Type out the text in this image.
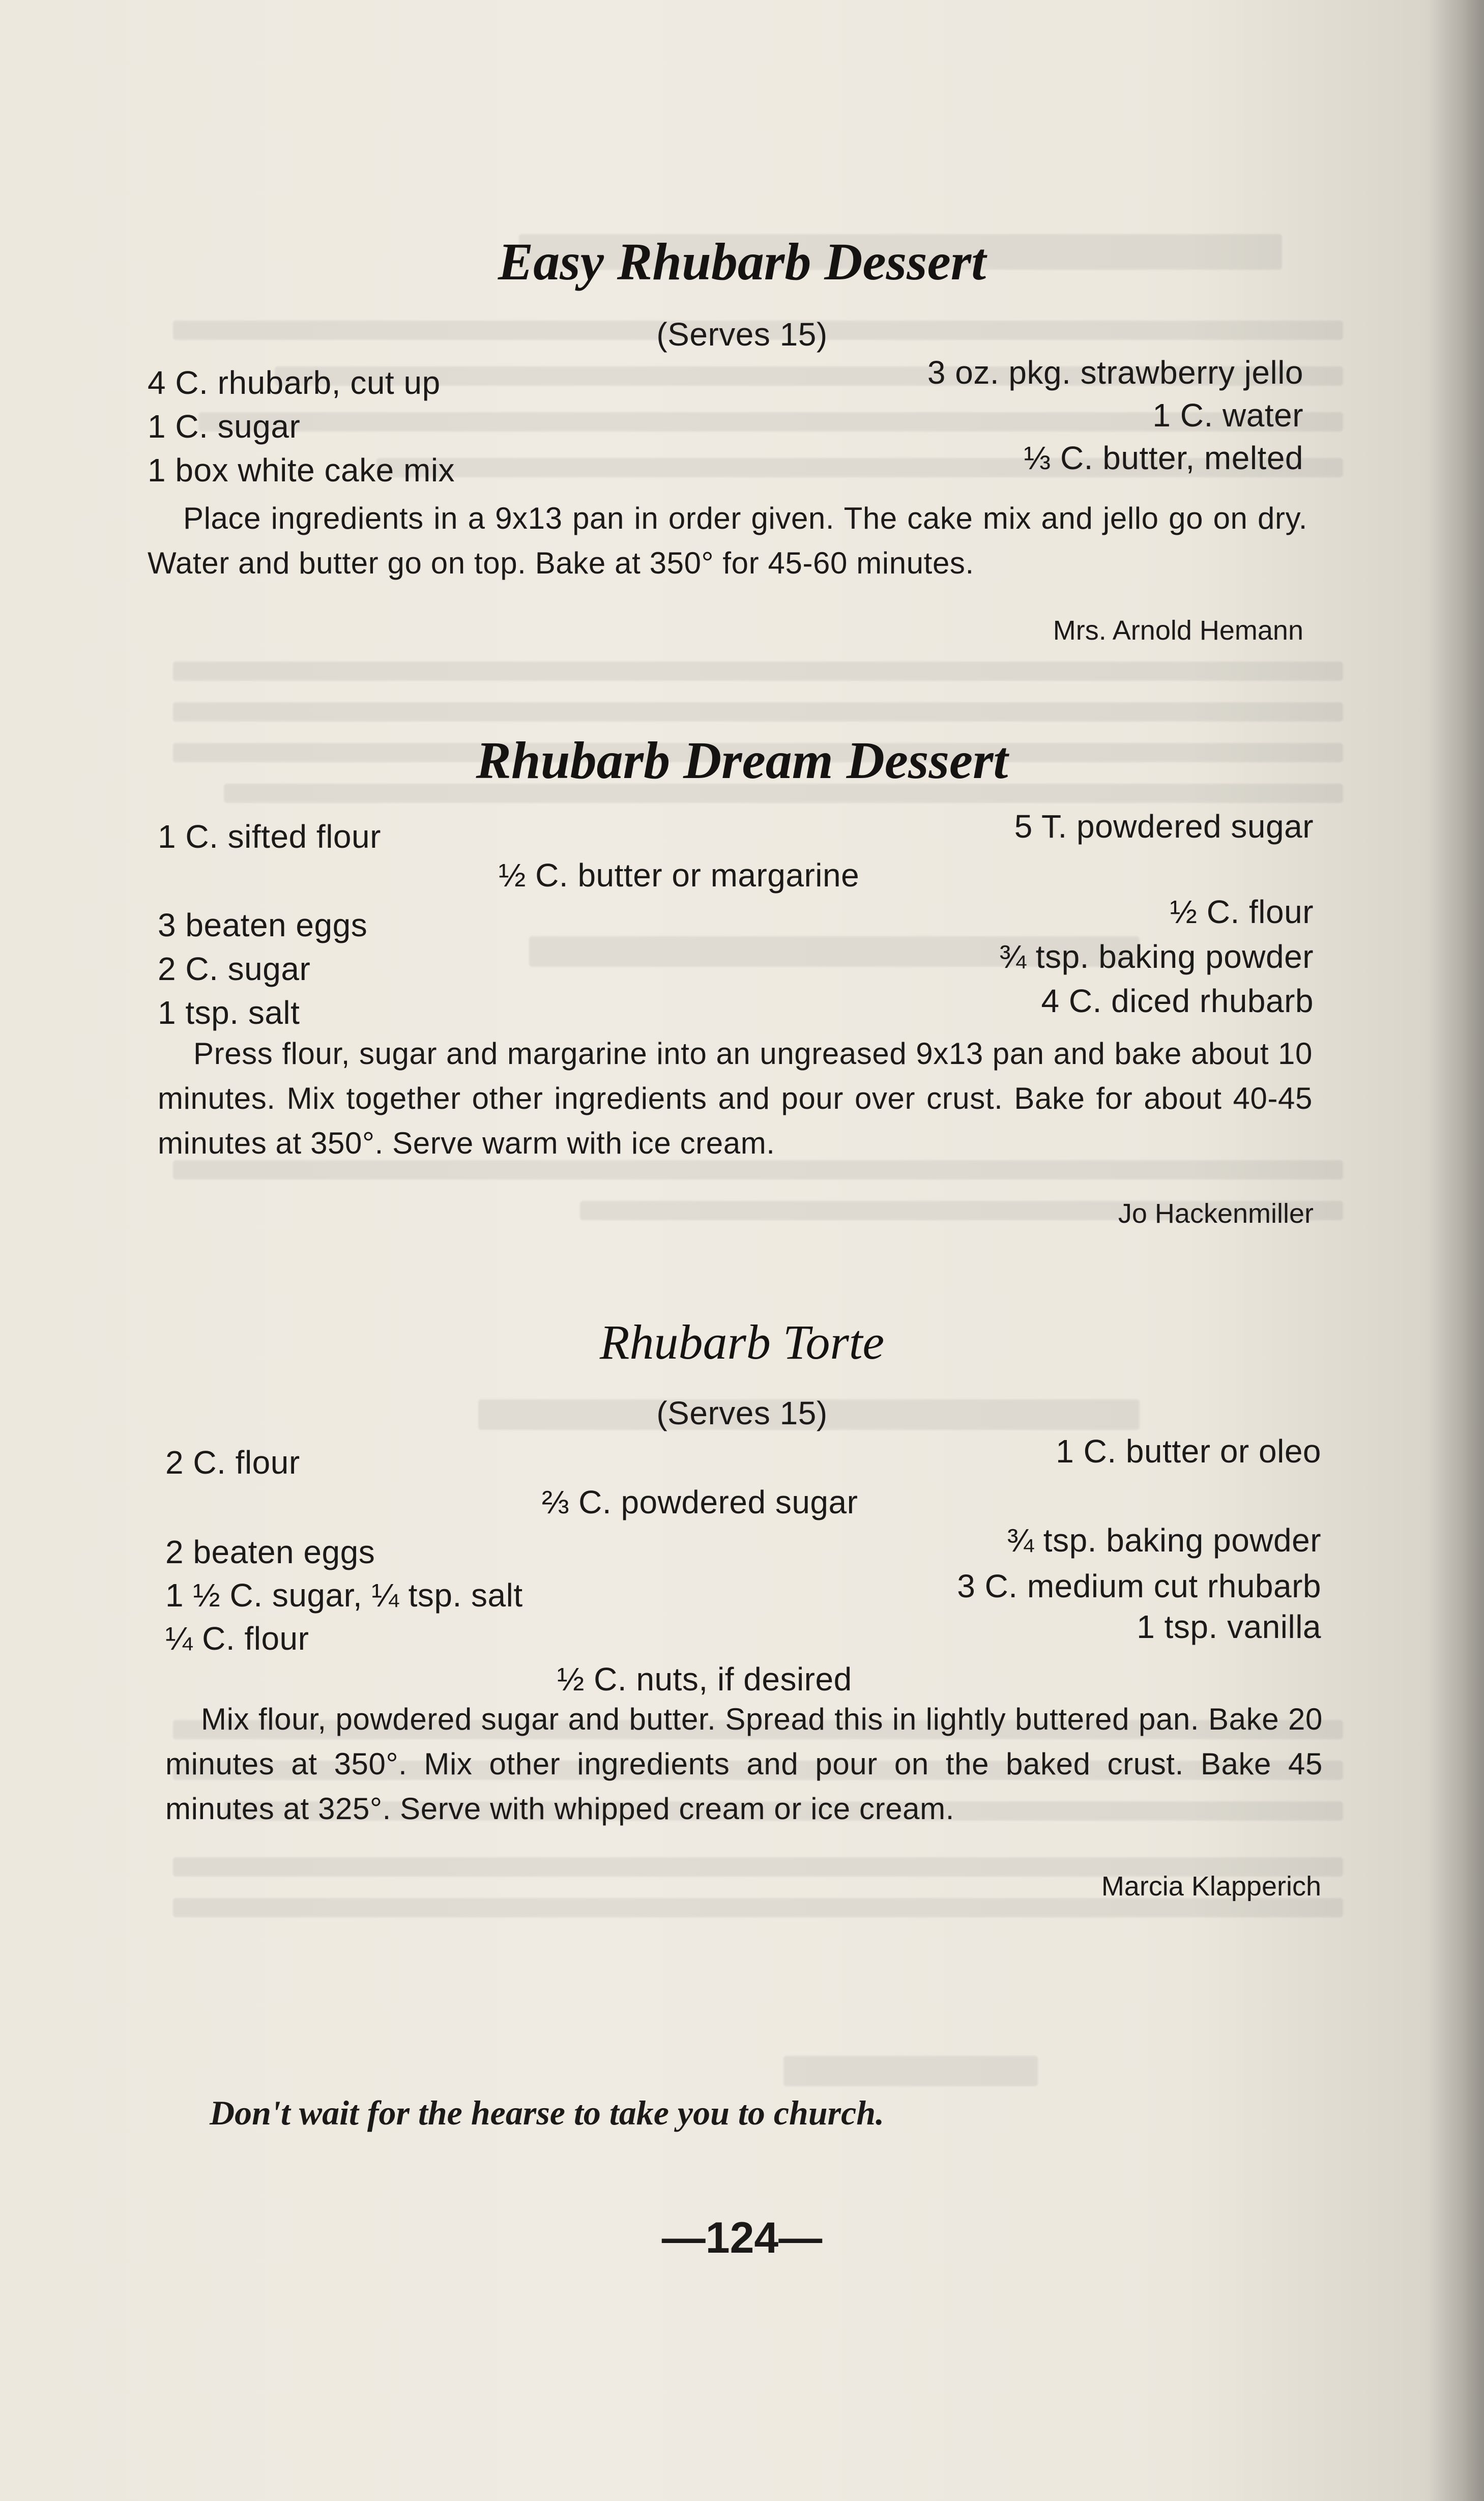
Easy Rhubarb Dessert
(Serves 15)
4 C. rhubarb, cut up
1 C. sugar
1 box white cake mix
3 oz. pkg. strawberry jello
1 C. water
⅓ C. butter, melted
Place ingredients in a 9x13 pan in order given. The cake mix and jello go on dry. Water and butter go on top. Bake at 350° for 45-60 minutes.
Mrs. Arnold Hemann
Rhubarb Dream Dessert
1 C. sifted flour	5 T. powdered sugar
½ C. butter or margarine
3 beaten eggs	½ C. flour
2 C. sugar	¾ tsp. baking powder
1 tsp. salt	4 C. diced rhubarb
Press flour, sugar and margarine into an ungreased 9x13 pan and bake about 10 minutes. Mix together other ingredients and pour over crust. Bake for about 40-45 minutes at 350°. Serve warm with ice cream.
Jo Hackenmiller
Rhubarb Torte
(Serves 15)
2 C. flour	1 C. butter or oleo
⅔ C. powdered sugar
2 beaten eggs	¾ tsp. baking powder
1 ½ C. sugar, ¼ tsp. salt	3 C. medium cut rhubarb
¼ C. flour	1 tsp. vanilla
½ C. nuts, if desired
Mix flour, powdered sugar and butter. Spread this in lightly buttered pan. Bake 20 minutes at 350°. Mix other ingredients and pour on the baked crust. Bake 45 minutes at 325°. Serve with whipped cream or ice cream.
Marcia Klapperich
Don't wait for the hearse to take you to church.
—124—
